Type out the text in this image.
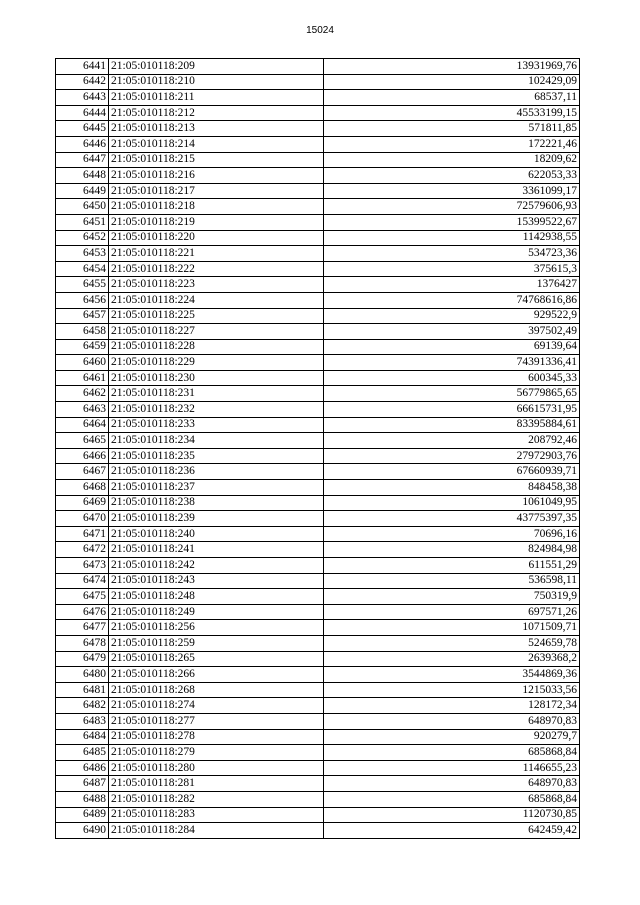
15024
6441	21:05:010118:209	13931969,76
6442	21:05:010118:210	102429,09
6443	21:05:010118:211	68537,11
6444	21:05:010118:212	45533199,15
6445	21:05:010118:213	571811,85
6446	21:05:010118:214	172221,46
6447	21:05:010118:215	18209,62
6448	21:05:010118:216	622053,33
6449	21:05:010118:217	3361099,17
6450	21:05:010118:218	72579606,93
6451	21:05:010118:219	15399522,67
6452	21:05:010118:220	1142938,55
6453	21:05:010118:221	534723,36
6454	21:05:010118:222	375615,3
6455	21:05:010118:223	1376427
6456	21:05:010118:224	74768616,86
6457	21:05:010118:225	929522,9
6458	21:05:010118:227	397502,49
6459	21:05:010118:228	69139,64
6460	21:05:010118:229	74391336,41
6461	21:05:010118:230	600345,33
6462	21:05:010118:231	56779865,65
6463	21:05:010118:232	66615731,95
6464	21:05:010118:233	83395884,61
6465	21:05:010118:234	208792,46
6466	21:05:010118:235	27972903,76
6467	21:05:010118:236	67660939,71
6468	21:05:010118:237	848458,38
6469	21:05:010118:238	1061049,95
6470	21:05:010118:239	43775397,35
6471	21:05:010118:240	70696,16
6472	21:05:010118:241	824984,98
6473	21:05:010118:242	611551,29
6474	21:05:010118:243	536598,11
6475	21:05:010118:248	750319,9
6476	21:05:010118:249	697571,26
6477	21:05:010118:256	1071509,71
6478	21:05:010118:259	524659,78
6479	21:05:010118:265	2639368,2
6480	21:05:010118:266	3544869,36
6481	21:05:010118:268	1215033,56
6482	21:05:010118:274	128172,34
6483	21:05:010118:277	648970,83
6484	21:05:010118:278	920279,7
6485	21:05:010118:279	685868,84
6486	21:05:010118:280	1146655,23
6487	21:05:010118:281	648970,83
6488	21:05:010118:282	685868,84
6489	21:05:010118:283	1120730,85
6490	21:05:010118:284	642459,42
